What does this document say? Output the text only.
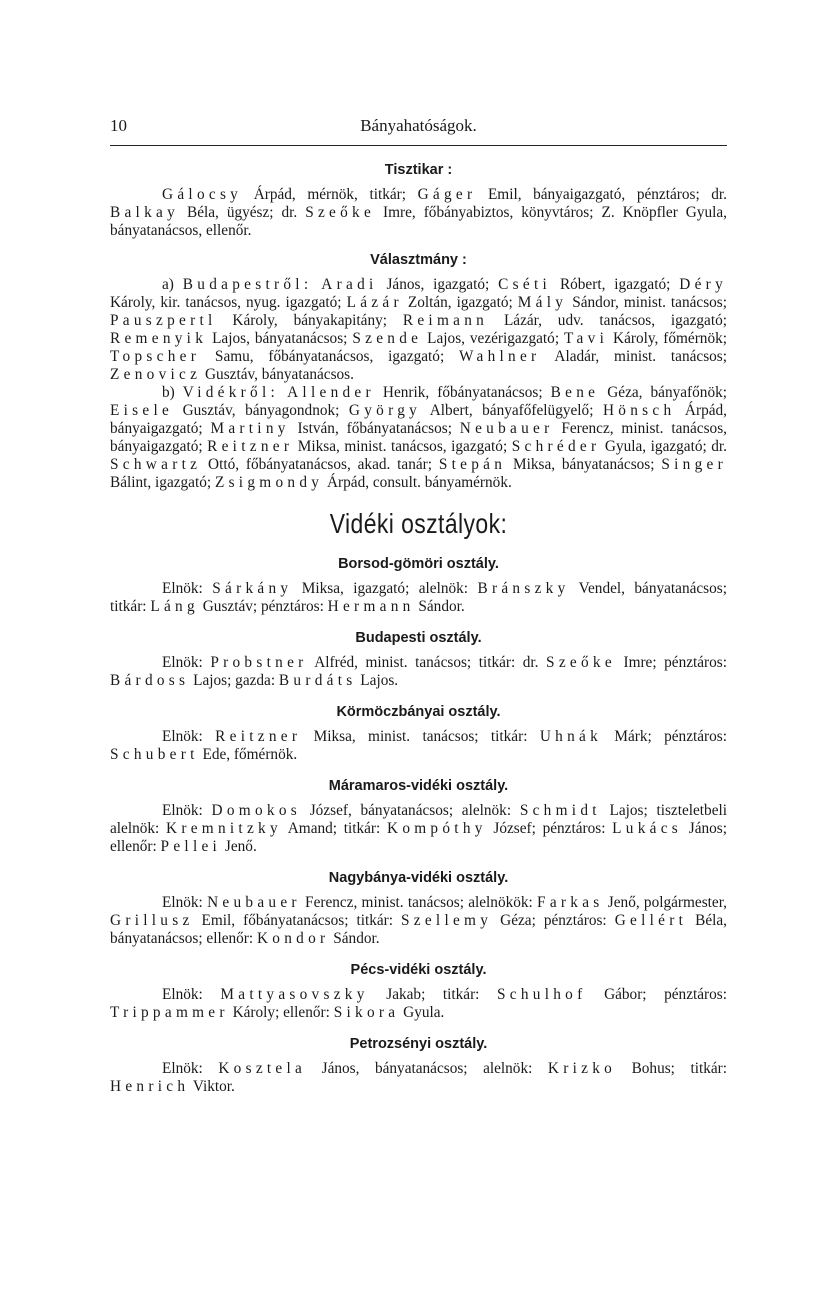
10	Bányahatóságok.

Tisztikar :

Gálocsy Árpád, mérnök, titkár; Gáger Emil, bányaigazgató, pénztáros; dr. Balkay Béla, ügyész; dr. Szeőke Imre, főbányabiztos, könyvtáros; Z. Knöpfler Gyula, bányatanácsos, ellenőr.

Választmány :

a) Budapestről: Aradi János, igazgató; Cséti Róbert, igazgató; Déry Károly, kir. tanácsos, nyug. igazgató; Lázár Zoltán, igazgató; Mály Sándor, minist. tanácsos; Pauszpertl Károly, bányakapitány; Reimann Lázár, udv. tanácsos, igazgató; Remenyik Lajos, bányatanácsos; Szende Lajos, vezérigazgató; Tavi Károly, főmérnök; Topscher Samu, főbányatanácsos, igazgató; Wahlner Aladár, minist. tanácsos; Zenovicz Gusztáv, bányatanácsos.

b) Vidékről: Allender Henrik, főbányatanácsos; Bene Géza, bányafőnök; Eisele Gusztáv, bányagondnok; György Albert, bányafőfelügyelő; Hönsch Árpád, bányaigazgató; Martiny István, főbányatanácsos; Neubauer Ferencz, minist. tanácsos, bányaigazgató; Reitzner Miksa, minist. tanácsos, igazgató; Schréder Gyula, igazgató; dr. Schwartz Ottó, főbányatanácsos, akad. tanár; Stepán Miksa, bányatanácsos; Singer Bálint, igazgató; Zsigmondy Árpád, consult. bányamérnök.

Vidéki osztályok:

Borsod-gömöri osztály.

Elnök: Sárkány Miksa, igazgató; alelnök: Bránszky Vendel, bányatanácsos; titkár: Láng Gusztáv; pénztáros: Hermann Sándor.

Budapesti osztály.

Elnök: Probstner Alfréd, minist. tanácsos; titkár: dr. Szeőke Imre; pénztáros: Bárdoss Lajos; gazda: Burdáts Lajos.

Körmöczbányai osztály.

Elnök: Reitzner Miksa, minist. tanácsos; titkár: Uhnák Márk; pénztáros: Schubert Ede, főmérnök.

Máramaros-vidéki osztály.

Elnök: Domokos József, bányatanácsos; alelnök: Schmidt Lajos; tiszteletbeli alelnök: Kremnitzky Amand; titkár: Kompóthy József; pénztáros: Lukács János; ellenőr: Pellei Jenő.

Nagybánya-vidéki osztály.

Elnök: Neubauer Ferencz, minist. tanácsos; alelnökök: Farkas Jenő, polgármester, Grillusz Emil, főbányatanácsos; titkár: Szellemy Géza; pénztáros: Gellért Béla, bányatanácsos; ellenőr: Kondor Sándor.

Pécs-vidéki osztály.

Elnök: Mattyasovszky Jakab; titkár: Schulhof Gábor; pénztáros: Trippammer Károly; ellenőr: Sikora Gyula.

Petrozsényi osztály.

Elnök: Kosztela János, bányatanácsos; alelnök: Krizko Bohus; titkár: Henrich Viktor.
